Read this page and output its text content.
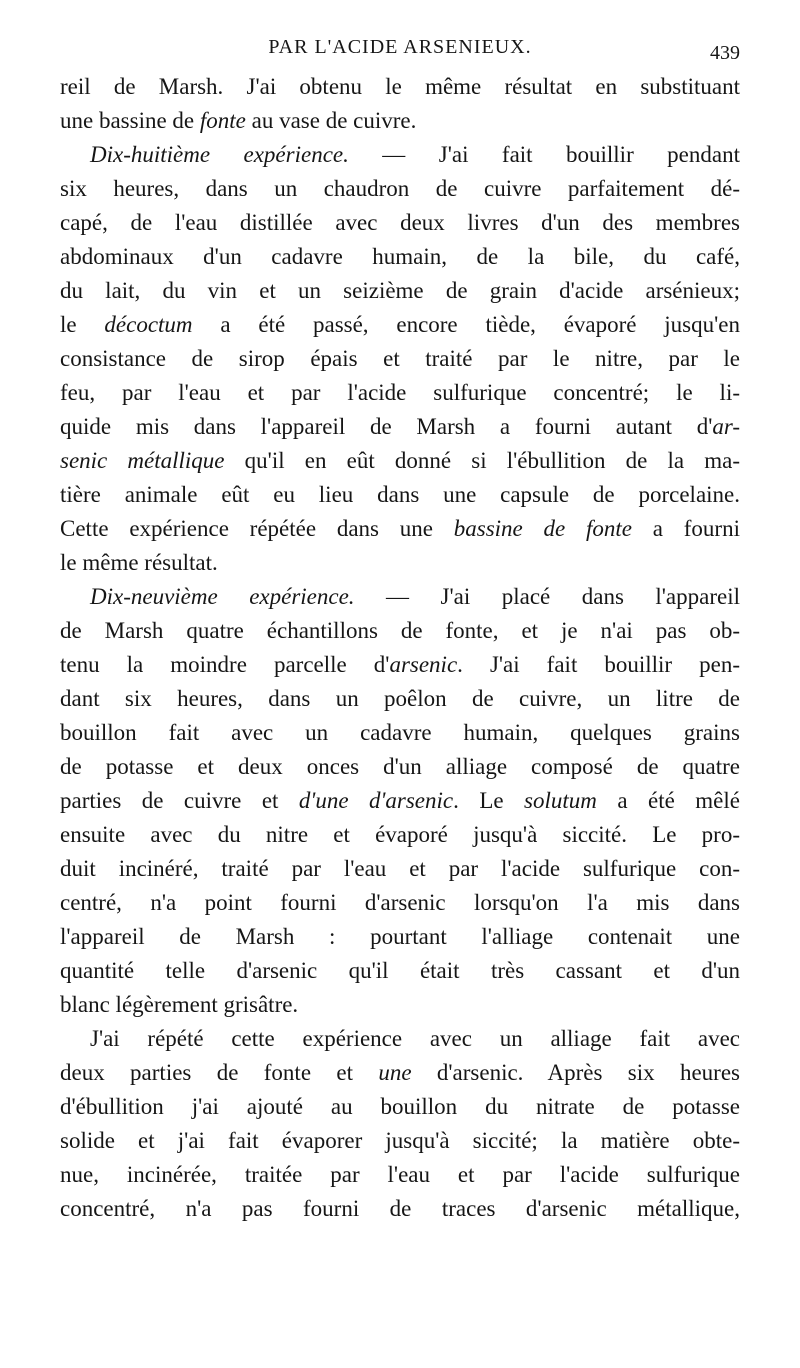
PAR L'ACIDE ARSENIEUX.	439
reil de Marsh. J'ai obtenu le même résultat en substituant
une bassine de fonte au vase de cuivre.
Dix-huitième expérience. — J'ai fait bouillir pendant
six heures, dans un chaudron de cuivre parfaitement dé-
capé, de l'eau distillée avec deux livres d'un des membres
abdominaux d'un cadavre humain, de la bile, du café,
du lait, du vin et un seizième de grain d'acide arsénieux;
le décoctum a été passé, encore tiède, évaporé jusqu'en
consistance de sirop épais et traité par le nitre, par le
feu, par l'eau et par l'acide sulfurique concentré; le li-
quide mis dans l'appareil de Marsh a fourni autant d'ar-
senic métallique qu'il en eût donné si l'ébullition de la ma-
tière animale eût eu lieu dans une capsule de porcelaine.
Cette expérience répétée dans une bassine de fonte a fourni
le même résultat.
Dix-neuvième expérience. — J'ai placé dans l'appareil
de Marsh quatre échantillons de fonte, et je n'ai pas ob-
tenu la moindre parcelle d'arsenic. J'ai fait bouillir pen-
dant six heures, dans un poêlon de cuivre, un litre de
bouillon fait avec un cadavre humain, quelques grains
de potasse et deux onces d'un alliage composé de quatre
parties de cuivre et d'une d'arsenic. Le solutum a été mêlé
ensuite avec du nitre et évaporé jusqu'à siccité. Le pro-
duit incinéré, traité par l'eau et par l'acide sulfurique con-
centré, n'a point fourni d'arsenic lorsqu'on l'a mis dans
l'appareil de Marsh : pourtant l'alliage contenait une
quantité telle d'arsenic qu'il était très cassant et d'un
blanc légèrement grisâtre.
J'ai répété cette expérience avec un alliage fait avec
deux parties de fonte et une d'arsenic. Après six heures
d'ébullition j'ai ajouté au bouillon du nitrate de potasse
solide et j'ai fait évaporer jusqu'à siccité; la matière obte-
nue, incinérée, traitée par l'eau et par l'acide sulfurique
concentré, n'a pas fourni de traces d'arsenic métallique,
